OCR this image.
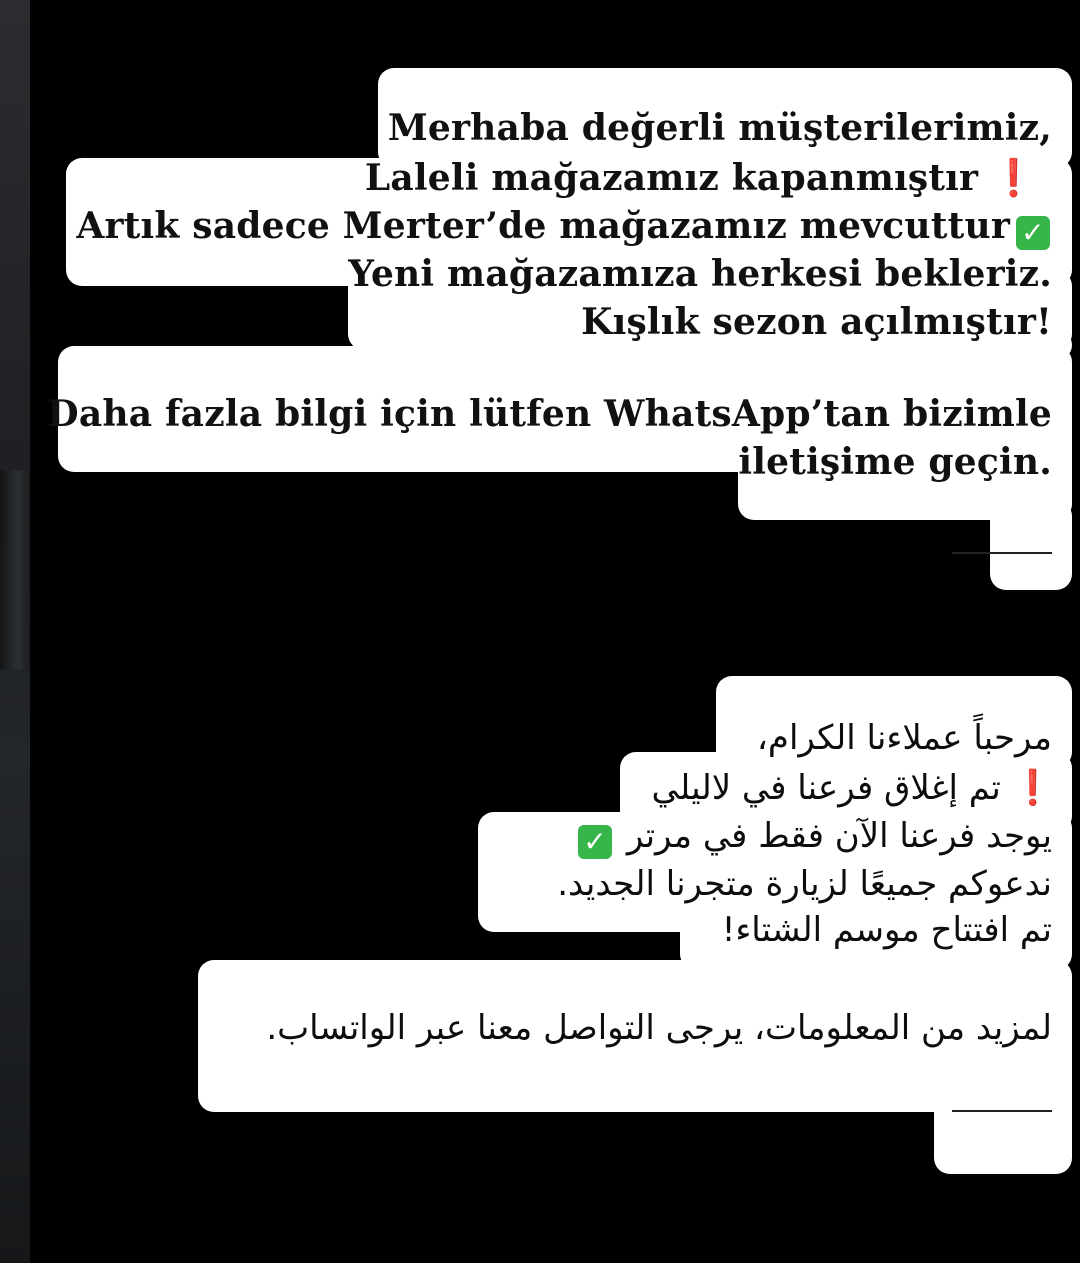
Merhaba değerli müşterilerimiz,
Laleli mağazamız kapanmıştır ❗
Artık sadece Merter’de mağazamız mevcuttur ✓
Yeni mağazamıza herkesi bekleriz.
Kışlık sezon açılmıştır!
Daha fazla bilgi için lütfen WhatsApp’tan bizimle
iletişime geçin.
مرحباً عملاءنا الكرام،
❗ تم إغلاق فرعنا في لاليلي
يوجد فرعنا الآن فقط في مرتر ✓
ندعوكم جميعًا لزيارة متجرنا الجديد.
تم افتتاح موسم الشتاء!
لمزيد من المعلومات، يرجى التواصل معنا عبر الواتساب.
